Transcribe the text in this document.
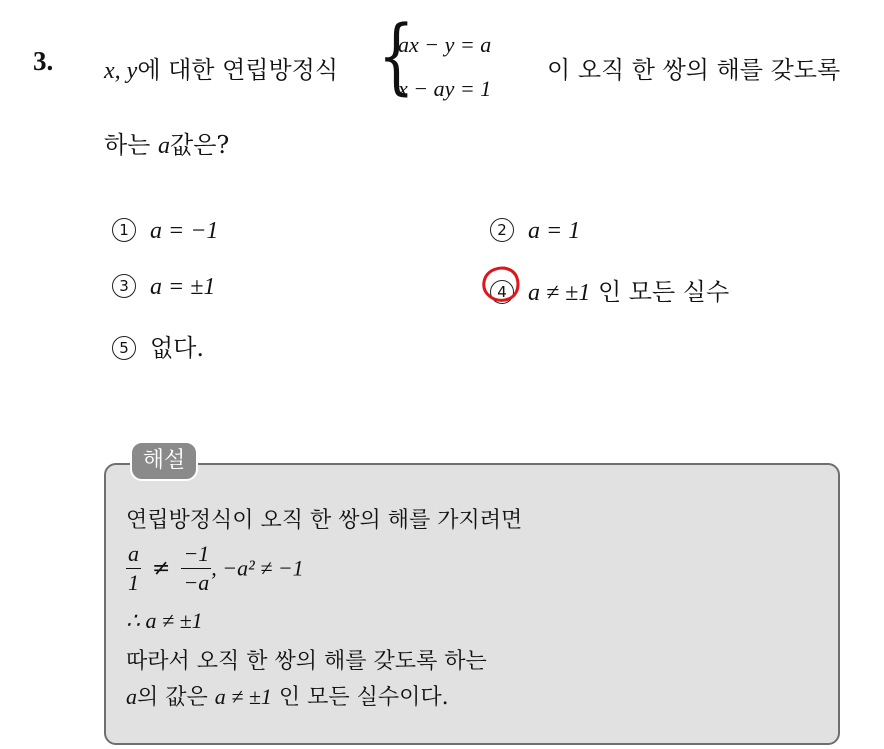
3. x, y에 대한 연립방정식 {
ax − y = a
x − ay = 1
이 오직 한 쌍의 해를 갖도록
하는 a값은?
1 a = −1	2 a = 1
3 a = ±1	4 a ≠ ±1 인 모든 실수
5 없다.
해설
연립방정식이 오직 한 쌍의 해를 가지려면
$\frac{a}{1} \ne \frac{-1}{-a}$ , −a² ≠ −1
∴ a ≠ ±1
따라서 오직 한 쌍의 해를 갖도록 하는
a의 값은 a ≠ ±1 인 모든 실수이다.
